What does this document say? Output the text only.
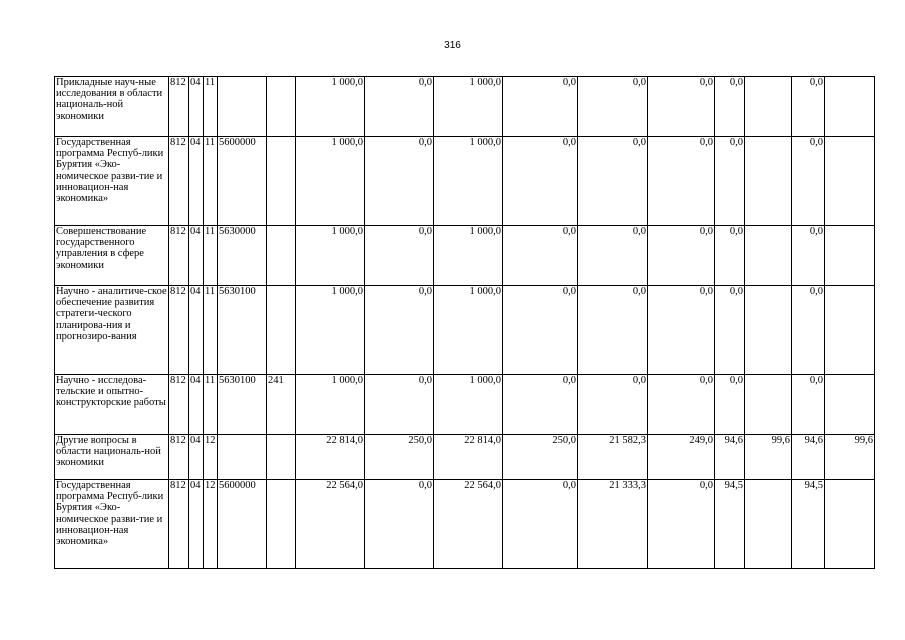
316
Прикладные науч-ные исследования в области националь-ной экономики	812	04	11			1 000,0	0,0	1 000,0	0,0	0,0	0,0	0,0		0,0	
Государственная программа Респуб-лики Бурятия «Эко-номическое разви-тие и инновацион-ная экономика»	812	04	11	5600000		1 000,0	0,0	1 000,0	0,0	0,0	0,0	0,0		0,0	
Совершенствование государственного управления в сфере экономики	812	04	11	5630000		1 000,0	0,0	1 000,0	0,0	0,0	0,0	0,0		0,0	
Научно - аналитиче-ское обеспечение развития стратеги-ческого планирова-ния и прогнозиро-вания	812	04	11	5630100		1 000,0	0,0	1 000,0	0,0	0,0	0,0	0,0		0,0	
Научно - исследова-тельские и опытно-конструкторские работы	812	04	11	5630100	241	1 000,0	0,0	1 000,0	0,0	0,0	0,0	0,0		0,0	
Другие вопросы в области националь-ной экономики	812	04	12			22 814,0	250,0	22 814,0	250,0	21 582,3	249,0	94,6	99,6	94,6	99,6
Государственная программа Респуб-лики Бурятия «Эко-номическое разви-тие и инновацион-ная экономика»	812	04	12	5600000		22 564,0	0,0	22 564,0	0,0	21 333,3	0,0	94,5		94,5	
